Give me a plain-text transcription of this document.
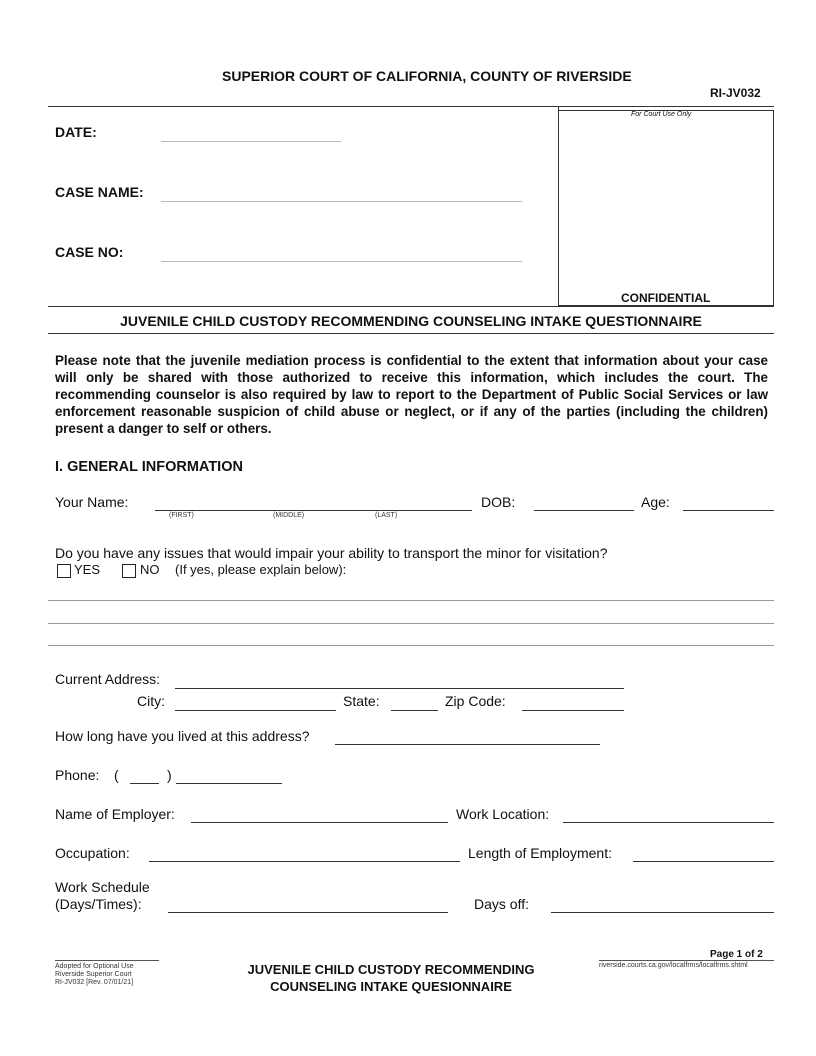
SUPERIOR COURT OF CALIFORNIA, COUNTY OF RIVERSIDE
RI-JV032
For Court Use Only
CONFIDENTIAL
DATE:
CASE NAME:
CASE NO:
JUVENILE CHILD CUSTODY RECOMMENDING COUNSELING INTAKE QUESTIONNAIRE
Please note that the juvenile mediation process is confidential to the extent that information about your case will only be shared with those authorized to receive this information, which includes the court. The recommending counselor is also required by law to report to the Department of Public Social Services or law enforcement reasonable suspicion of child abuse or neglect, or if any of the parties (including the children) present a danger to self or others.
I. GENERAL INFORMATION
Your Name:
(FIRST)	(MIDDLE)	(LAST)
DOB:	Age:
Do you have any issues that would impair your ability to transport the minor for visitation?
YES	NO (If yes, please explain below):
Current Address:
City:	State:	Zip Code:
How long have you lived at this address?
Phone: (	)
Name of Employer:	Work Location:
Occupation:	Length of Employment:
Work Schedule
(Days/Times):	Days off:
Page 1 of 2
Adopted for Optional Use
Riverside Superior Court
RI-JV032 [Rev. 07/01/21]
JUVENILE CHILD CUSTODY RECOMMENDING
COUNSELING INTAKE QUESIONNAIRE
riverside.courts.ca.gov/localfrms/localfrms.shtml
